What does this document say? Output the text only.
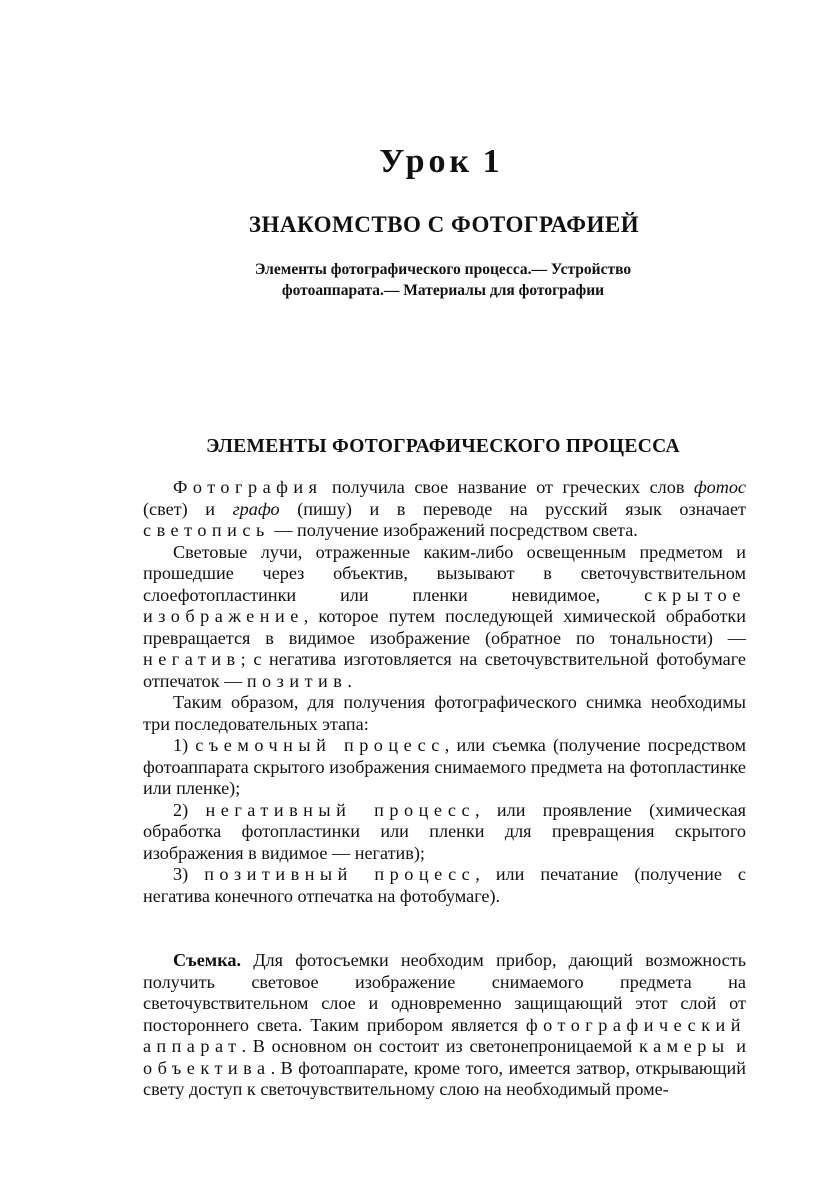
Урок 1
ЗНАКОМСТВО С ФОТОГРАФИЕЙ
Элементы фотографического процесса.— Устройство
фотоаппарата.— Материалы для фотографии
ЭЛЕМЕНТЫ ФОТОГРАФИЧЕСКОГО ПРОЦЕССА

Фотография получила свое название от греческих слов фотос (свет) и графо (пишу) и в переводе на русский язык означает светопись — получение изображений посредством света.

Световые лучи, отраженные каким-либо освещенным предметом и прошедшие через объектив, вызывают в светочувствительном слоефотопластинки или пленки невидимое, скрытое изображение, которое путем последующей химической обработки превращается в видимое изображение (обратное по тональности) — негатив; с негатива изготовляется на светочувствительной фотобумаге отпечаток — позитив.

Таким образом, для получения фотографического снимка необходимы три последовательных этапа:

1) съемочный процесс, или съемка (получение посредством фотоаппарата скрытого изображения снимаемого предмета на фотопластинке или пленке);

2) негативный процесс, или проявление (химическая обработка фотопластинки или пленки для превращения скрытого изображения в видимое — негатив);

3) позитивный процесс, или печатание (получение с негатива конечного отпечатка на фотобумаге).

Съемка. Для фотосъемки необходим прибор, дающий возможность получить световое изображение снимаемого предмета на светочувствительном слое и одновременно защищающий этот слой от постороннего света. Таким прибором является фотографический аппарат. В основном он состоит из светонепроницаемой камеры и объектива. В фотоаппарате, кроме того, имеется затвор, открывающий свету доступ к светочувствительному слою на необходимый проме-
